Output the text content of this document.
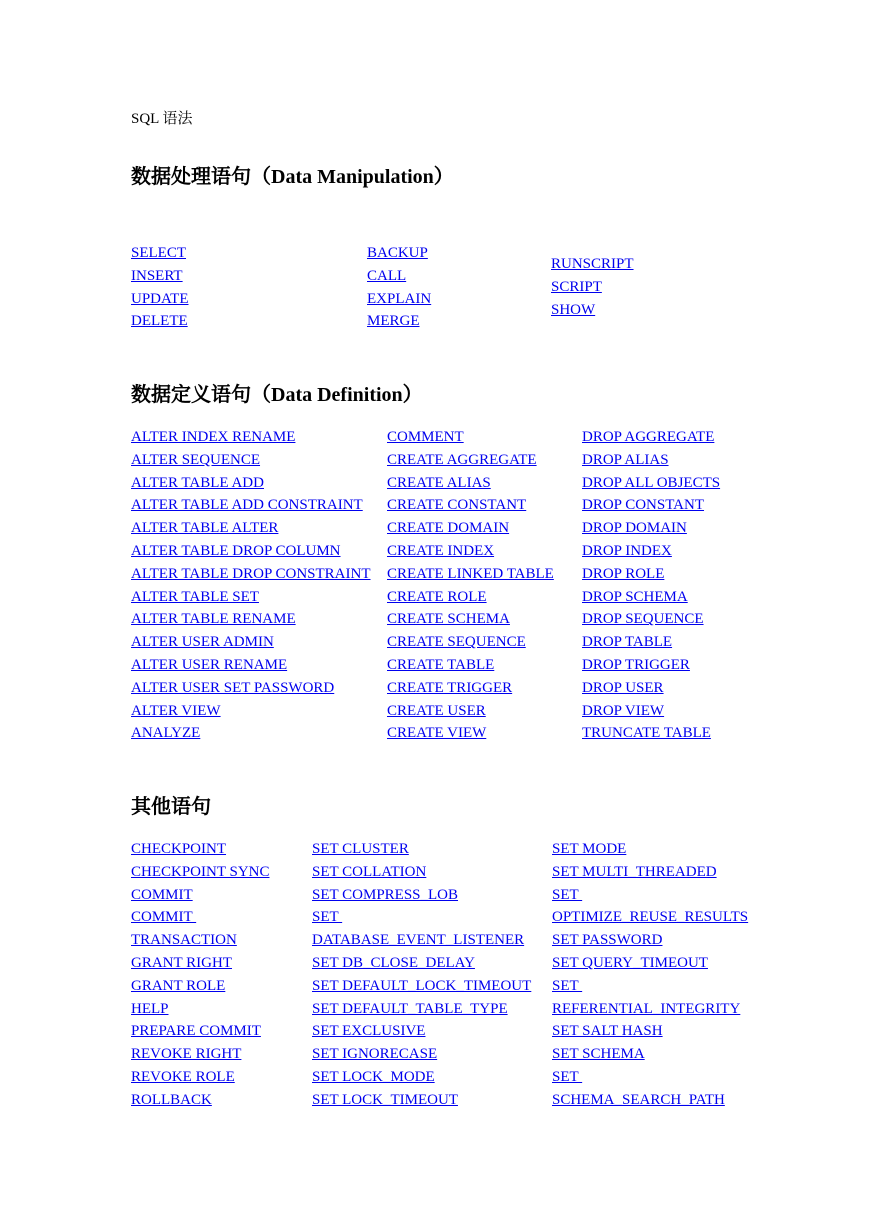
SQL 语法
数据处理语句（Data Manipulation）
SELECT
INSERT
UPDATE
DELETE
BACKUP
CALL
EXPLAIN
MERGE
RUNSCRIPT
SCRIPT
SHOW
数据定义语句（Data Definition）
ALTER INDEX RENAME
ALTER SEQUENCE
ALTER TABLE ADD
ALTER TABLE ADD CONSTRAINT
ALTER TABLE ALTER
ALTER TABLE DROP COLUMN
ALTER TABLE DROP CONSTRAINT
ALTER TABLE SET
ALTER TABLE RENAME
ALTER USER ADMIN
ALTER USER RENAME
ALTER USER SET PASSWORD
ALTER VIEW
ANALYZE
COMMENT
CREATE AGGREGATE
CREATE ALIAS
CREATE CONSTANT
CREATE DOMAIN
CREATE INDEX
CREATE LINKED TABLE
CREATE ROLE
CREATE SCHEMA
CREATE SEQUENCE
CREATE TABLE
CREATE TRIGGER
CREATE USER
CREATE VIEW
DROP AGGREGATE
DROP ALIAS
DROP ALL OBJECTS
DROP CONSTANT
DROP DOMAIN
DROP INDEX
DROP ROLE
DROP SCHEMA
DROP SEQUENCE
DROP TABLE
DROP TRIGGER
DROP USER
DROP VIEW
TRUNCATE TABLE
其他语句
CHECKPOINT
CHECKPOINT SYNC
COMMIT
COMMIT
TRANSACTION
GRANT RIGHT
GRANT ROLE
HELP
PREPARE COMMIT
REVOKE RIGHT
REVOKE ROLE
ROLLBACK
SET CLUSTER
SET COLLATION
SET COMPRESS_LOB
SET
DATABASE_EVENT_LISTENER
SET DB_CLOSE_DELAY
SET DEFAULT_LOCK_TIMEOUT
SET DEFAULT_TABLE_TYPE
SET EXCLUSIVE
SET IGNORECASE
SET LOCK_MODE
SET LOCK_TIMEOUT
SET MODE
SET MULTI_THREADED
SET
OPTIMIZE_REUSE_RESULTS
SET PASSWORD
SET QUERY_TIMEOUT
SET
REFERENTIAL_INTEGRITY
SET SALT HASH
SET SCHEMA
SET
SCHEMA_SEARCH_PATH
